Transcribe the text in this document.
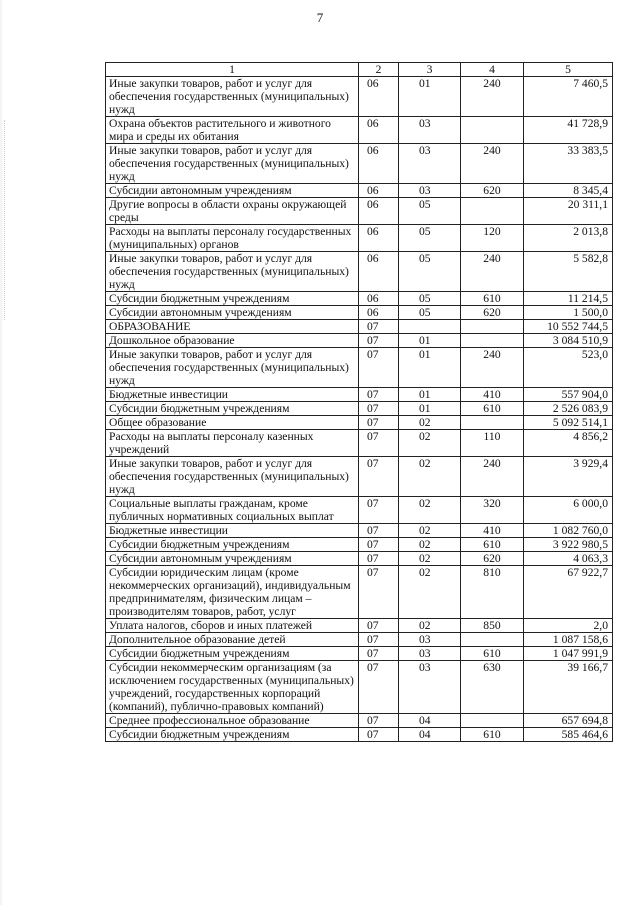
7
1	2	3	4	5
Иные закупки товаров, работ и услуг для обеспечения государственных (муниципальных) нужд	06	01	240	7 460,5
Охрана объектов растительного и животного мира и среды их обитания	06	03		41 728,9
Иные закупки товаров, работ и услуг для обеспечения государственных (муниципальных) нужд	06	03	240	33 383,5
Субсидии автономным учреждениям	06	03	620	8 345,4
Другие вопросы в области охраны окружающей среды	06	05		20 311,1
Расходы на выплаты персоналу государственных (муниципальных) органов	06	05	120	2 013,8
Иные закупки товаров, работ и услуг для обеспечения государственных (муниципальных) нужд	06	05	240	5 582,8
Субсидии бюджетным учреждениям	06	05	610	11 214,5
Субсидии автономным учреждениям	06	05	620	1 500,0
ОБРАЗОВАНИЕ	07			10 552 744,5
Дошкольное образование	07	01		3 084 510,9
Иные закупки товаров, работ и услуг для обеспечения государственных (муниципальных) нужд	07	01	240	523,0
Бюджетные инвестиции	07	01	410	557 904,0
Субсидии бюджетным учреждениям	07	01	610	2 526 083,9
Общее образование	07	02		5 092 514,1
Расходы на выплаты персоналу казенных учреждений	07	02	110	4 856,2
Иные закупки товаров, работ и услуг для обеспечения государственных (муниципальных) нужд	07	02	240	3 929,4
Социальные выплаты гражданам, кроме публичных нормативных социальных выплат	07	02	320	6 000,0
Бюджетные инвестиции	07	02	410	1 082 760,0
Субсидии бюджетным учреждениям	07	02	610	3 922 980,5
Субсидии автономным учреждениям	07	02	620	4 063,3
Субсидии юридическим лицам (кроме некоммерческих организаций), индивидуальным предпринимателям, физическим лицам – производителям товаров, работ, услуг	07	02	810	67 922,7
Уплата налогов, сборов и иных платежей	07	02	850	2,0
Дополнительное образование детей	07	03		1 087 158,6
Субсидии бюджетным учреждениям	07	03	610	1 047 991,9
Субсидии некоммерческим организациям (за исключением государственных (муниципальных) учреждений, государственных корпораций (компаний), публично-правовых компаний)	07	03	630	39 166,7
Среднее профессиональное образование	07	04		657 694,8
Субсидии бюджетным учреждениям	07	04	610	585 464,6
